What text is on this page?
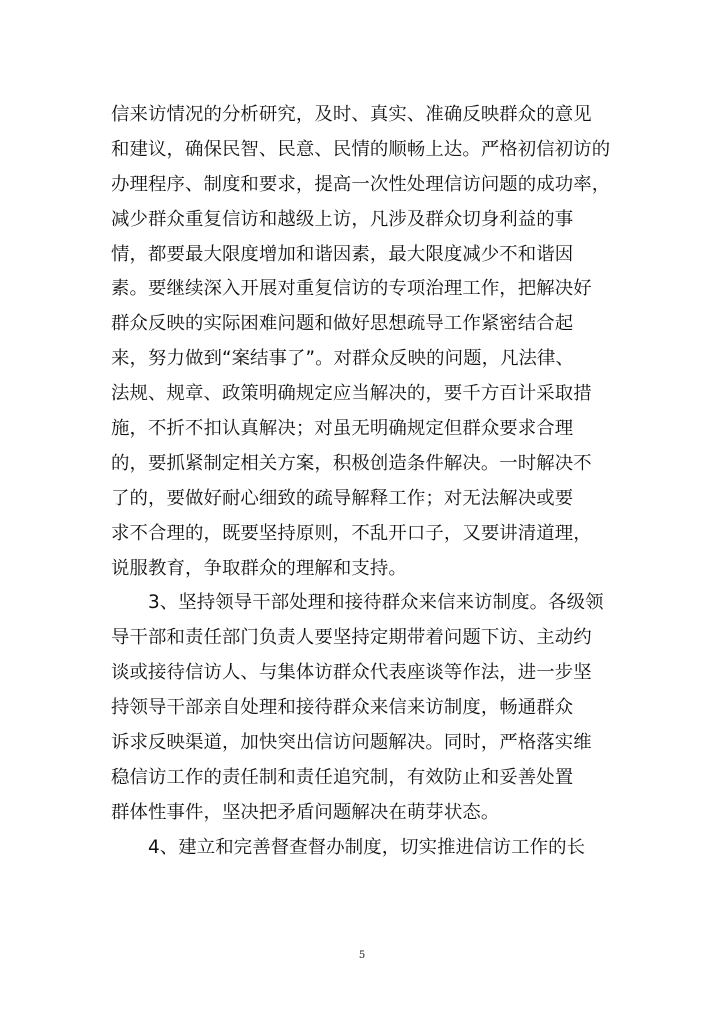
信来访情况的分析研究，及时、真实、准确反映群众的意见
和建议，确保民智、民意、民情的顺畅上达。严格初信初访的
办理程序、制度和要求，提高一次性处理信访问题的成功率，
减少群众重复信访和越级上访，凡涉及群众切身利益的事
情，都要最大限度增加和谐因素，最大限度减少不和谐因
素。要继续深入开展对重复信访的专项治理工作，把解决好
群众反映的实际困难问题和做好思想疏导工作紧密结合起
来，努力做到“案结事了”。对群众反映的问题，凡法律、
法规、规章、政策明确规定应当解决的，要千方百计采取措
施，不折不扣认真解决；对虽无明确规定但群众要求合理
的，要抓紧制定相关方案，积极创造条件解决。一时解决不
了的，要做好耐心细致的疏导解释工作；对无法解决或要
求不合理的，既要坚持原则，不乱开口子，又要讲清道理，
说服教育，争取群众的理解和支持。
3、坚持领导干部处理和接待群众来信来访制度。各级领
导干部和责任部门负责人要坚持定期带着问题下访、主动约
谈或接待信访人、与集体访群众代表座谈等作法，进一步坚
持领导干部亲自处理和接待群众来信来访制度，畅通群众
诉求反映渠道，加快突出信访问题解决。同时，严格落实维
稳信访工作的责任制和责任追究制，有效防止和妥善处置
群体性事件，坚决把矛盾问题解决在萌芽状态。
4、建立和完善督查督办制度，切实推进信访工作的长
5
